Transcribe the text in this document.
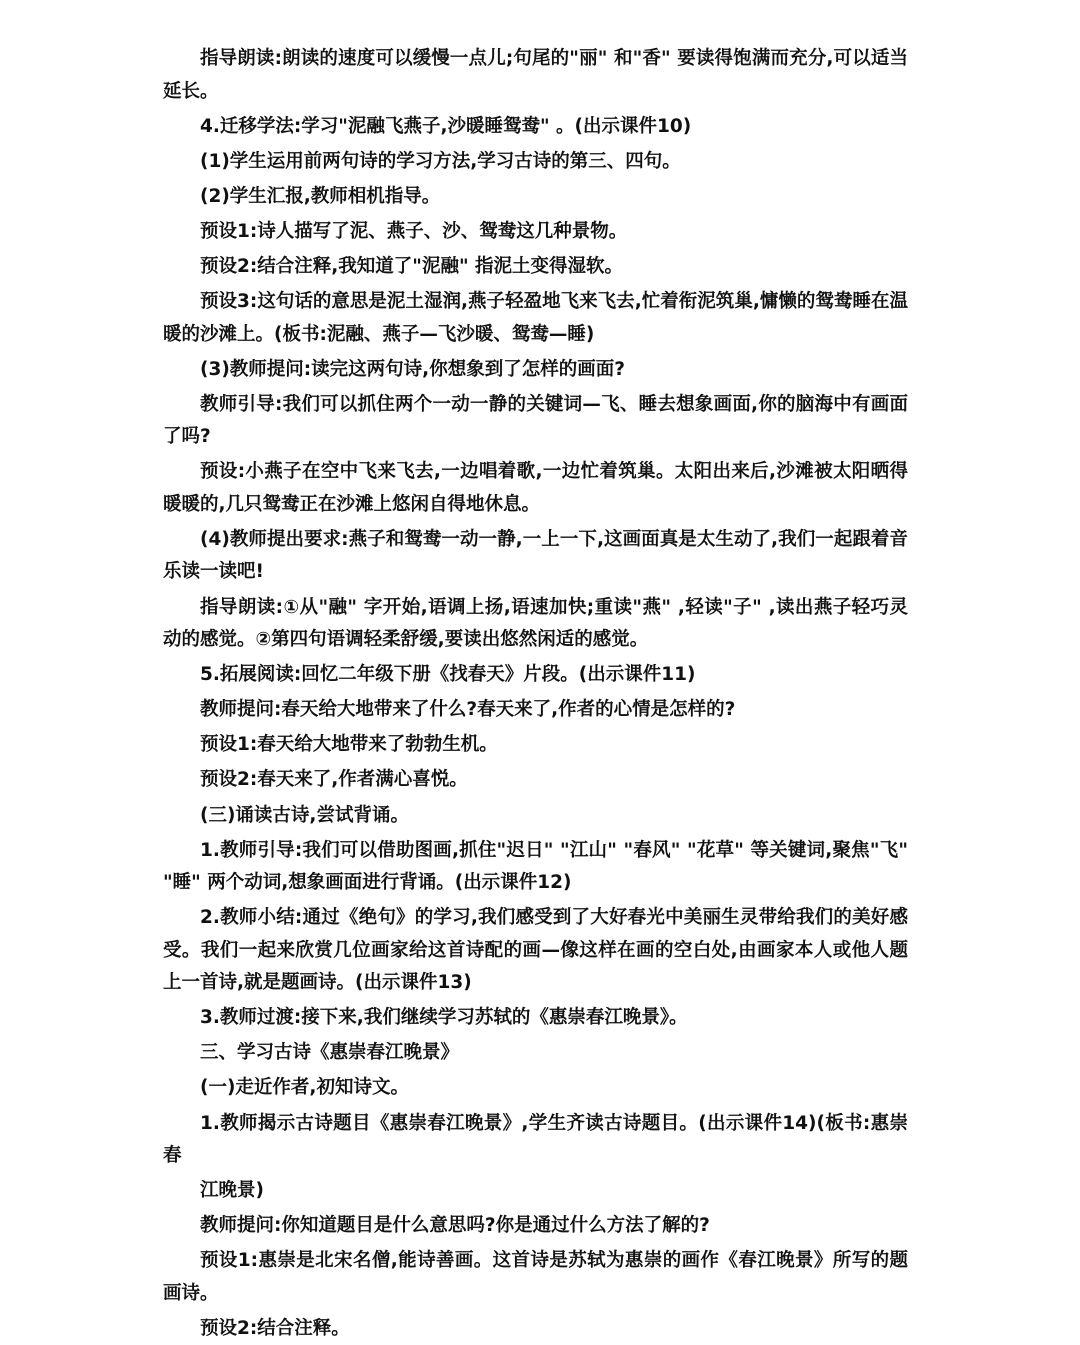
指导朗读:朗读的速度可以缓慢一点儿;句尾的"丽" 和"香" 要读得饱满而充分,可以适当延长。

4.迁移学法:学习"泥融飞燕子,沙暖睡鸳鸯" 。(出示课件10)

(1)学生运用前两句诗的学习方法,学习古诗的第三、四句。

(2)学生汇报,教师相机指导。

预设1:诗人描写了泥、燕子、沙、鸳鸯这几种景物。

预设2:结合注释,我知道了"泥融" 指泥土变得湿软。

预设3:这句话的意思是泥土湿润,燕子轻盈地飞来飞去,忙着衔泥筑巢,慵懒的鸳鸯睡在温暖的沙滩上。(板书:泥融、燕子—飞沙暖、鸳鸯—睡)

(3)教师提问:读完这两句诗,你想象到了怎样的画面?

教师引导:我们可以抓住两个一动一静的关键词—飞、睡去想象画面,你的脑海中有画面了吗?

预设:小燕子在空中飞来飞去,一边唱着歌,一边忙着筑巢。太阳出来后,沙滩被太阳晒得暖暖的,几只鸳鸯正在沙滩上悠闲自得地休息。

(4)教师提出要求:燕子和鸳鸯一动一静,一上一下,这画面真是太生动了,我们一起跟着音乐读一读吧!

指导朗读:①从"融" 字开始,语调上扬,语速加快;重读"燕" ,轻读"子" ,读出燕子轻巧灵动的感觉。②第四句语调轻柔舒缓,要读出悠然闲适的感觉。

5.拓展阅读:回忆二年级下册《找春天》片段。(出示课件11)

教师提问:春天给大地带来了什么?春天来了,作者的心情是怎样的?

预设1:春天给大地带来了勃勃生机。

预设2:春天来了,作者满心喜悦。

(三)诵读古诗,尝试背诵。

1.教师引导:我们可以借助图画,抓住"迟日" "江山" "春风" "花草" 等关键词,聚焦"飞" "睡" 两个动词,想象画面进行背诵。(出示课件12)

2.教师小结:通过《绝句》的学习,我们感受到了大好春光中美丽生灵带给我们的美好感受。我们一起来欣赏几位画家给这首诗配的画—像这样在画的空白处,由画家本人或他人题上一首诗,就是题画诗。(出示课件13)

3.教师过渡:接下来,我们继续学习苏轼的《惠崇春江晚景》。

三、学习古诗《惠崇春江晚景》

(一)走近作者,初知诗文。

1.教师揭示古诗题目《惠崇春江晚景》,学生齐读古诗题目。(出示课件14)(板书:惠崇春

江晚景)

教师提问:你知道题目是什么意思吗?你是通过什么方法了解的?

预设1:惠崇是北宋名僧,能诗善画。这首诗是苏轼为惠崇的画作《春江晚景》所写的题画诗。

预设2:结合注释。
